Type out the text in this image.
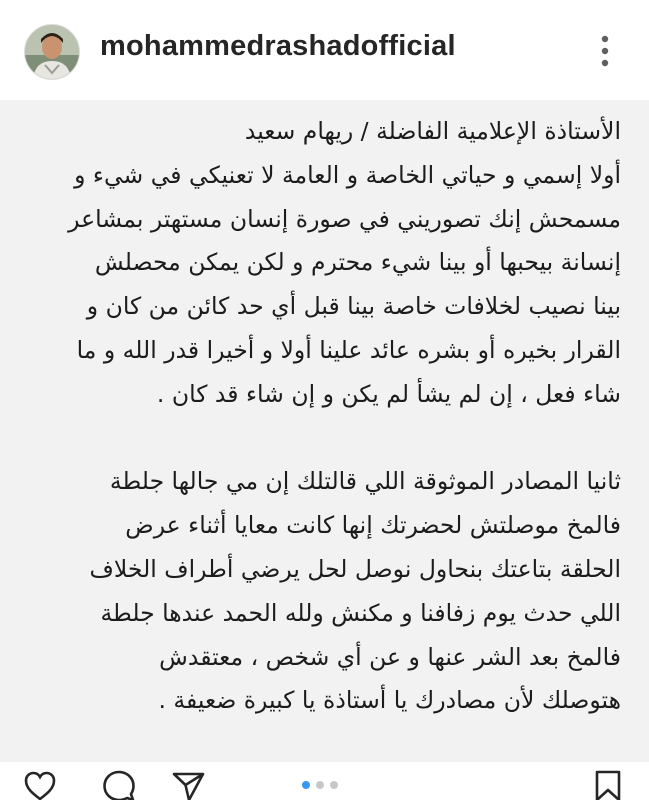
mohammedrashadofficial
الأستاذة الإعلامية الفاضلة / ريهام سعيد
أولا إسمي و حياتي الخاصة و العامة لا تعنيكي في شيء و
مسمحش إنك تصوريني في صورة إنسان مستهتر بمشاعر
إنسانة بيحبها أو بينا شيء محترم و لكن يمكن محصلش
بينا نصيب لخلافات خاصة بينا قبل أي حد كائن من كان و
القرار بخيره أو بشره عائد علينا أولا و أخيرا قدر الله و ما
شاء فعل ، إن لم يشأ لم يكن و إن شاء قد كان .
ثانيا المصادر الموثوقة اللي قالتلك إن مي جالها جلطة
فالمخ موصلتش لحضرتك إنها كانت معايا أثناء عرض
الحلقة بتاعتك بنحاول نوصل لحل يرضي أطراف الخلاف
اللي حدث يوم زفافنا و مكنش ولله الحمد عندها جلطة
فالمخ بعد الشر عنها و عن أي شخص ، معتقدش
هتوصلك لأن مصادرك يا أستاذة يا كبيرة ضعيفة .
